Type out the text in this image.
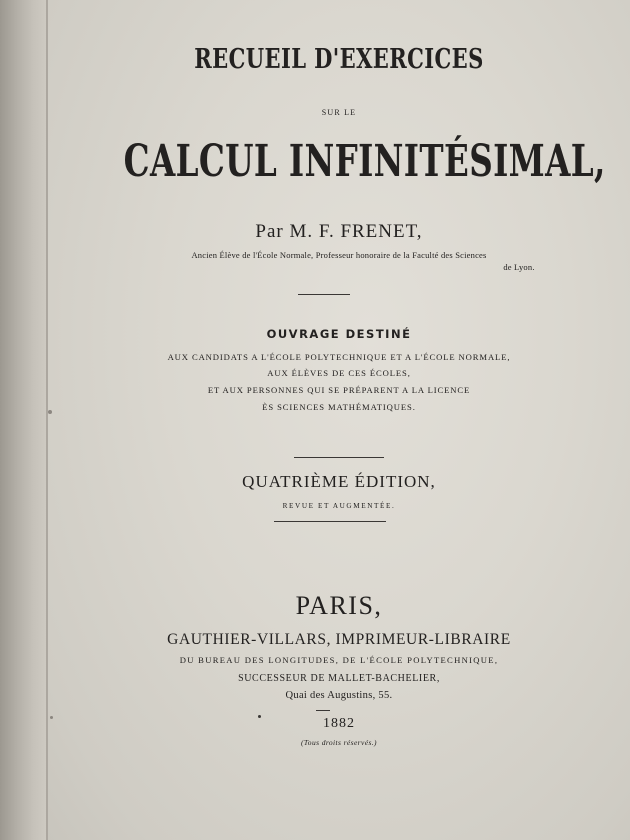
RECUEIL D'EXERCICES
SUR LE
CALCUL INFINITÉSIMAL,
Par M. F. FRENET,
Ancien Élève de l'École Normale, Professeur honoraire de la Faculté des Sciences
de Lyon.
OUVRAGE DESTINÉ
AUX CANDIDATS A L'ÉCOLE POLYTECHNIQUE ET A L'ÉCOLE NORMALE,
AUX ÉLÈVES DE CES ÉCOLES,
ET AUX PERSONNES QUI SE PRÉPARENT A LA LICENCE
ÈS SCIENCES MATHÉMATIQUES.
QUATRIÈME ÉDITION,
REVUE ET AUGMENTÉE.
PARIS,
GAUTHIER-VILLARS, IMPRIMEUR-LIBRAIRE
DU BUREAU DES LONGITUDES, DE L'ÉCOLE POLYTECHNIQUE,
SUCCESSEUR DE MALLET-BACHELIER,
Quai des Augustins, 55.
1882
(Tous droits réservés.)
